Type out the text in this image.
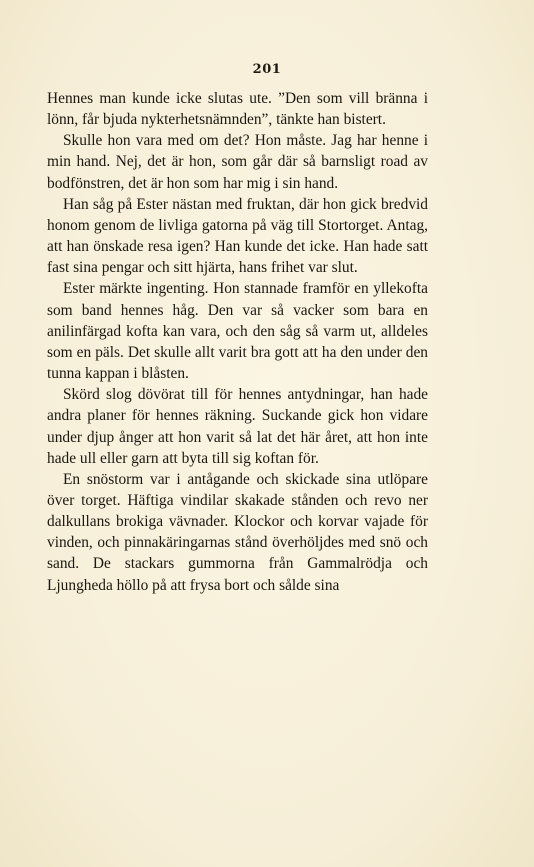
201

Hennes man kunde icke slutas ute. ”Den som vill bränna i lönn, får bjuda nykterhetsnämnden”, tänkte han bistert.

Skulle hon vara med om det? Hon måste. Jag har henne i min hand. Nej, det är hon, som går där så barnsligt road av bodfönstren, det är hon som har mig i sin hand.

Han såg på Ester nästan med fruktan, där hon gick bredvid honom genom de livliga gatorna på väg till Stortorget. Antag, att han önskade resa igen? Han kunde det icke. Han hade satt fast sina pengar och sitt hjärta, hans frihet var slut.

Ester märkte ingenting. Hon stannade framför en yllekofta som band hennes håg. Den var så vacker som bara en anilinfärgad kofta kan vara, och den såg så varm ut, alldeles som en päls. Det skulle allt varit bra gott att ha den under den tunna kappan i blåsten.

Skörd slog dövörat till för hennes antydningar, han hade andra planer för hennes räkning. Suckande gick hon vidare under djup ånger att hon varit så lat det här året, att hon inte hade ull eller garn att byta till sig koftan för.

En snöstorm var i antågande och skickade sina utlöpare över torget. Häftiga vindilar skakade stånden och revo ner dalkullans brokiga vävnader. Klockor och korvar vajade för vinden, och pinnakäringarnas stånd överhöljdes med snö och sand. De stackars gummorna från Gammalrödja och Ljungheda höllo på att frysa bort och sålde sina
